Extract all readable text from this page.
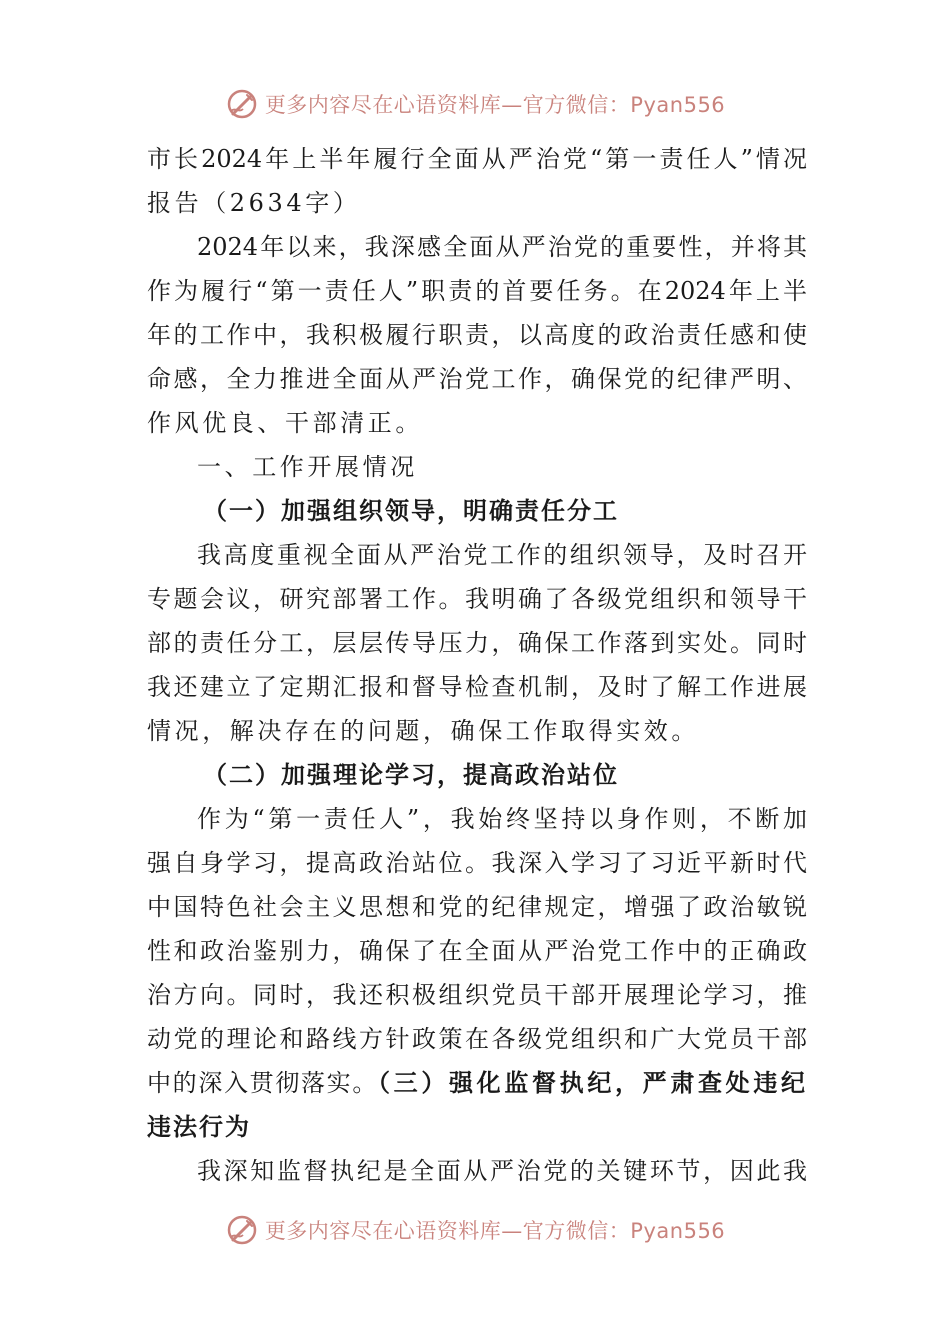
更多内容尽在心语资料库—官方微信：Pyan556
市长2024年上半年履行全面从严治党“第一责任人”情况
报告（2634字）
2024年以来，我深感全面从严治党的重要性，并将其
作为履行“第一责任人”职责的首要任务。在2024年上半
年的工作中，我积极履行职责，以高度的政治责任感和使
命感，全力推进全面从严治党工作，确保党的纪律严明、
作风优良、干部清正。
一、工作开展情况
（一）加强组织领导，明确责任分工
我高度重视全面从严治党工作的组织领导，及时召开
专题会议，研究部署工作。我明确了各级党组织和领导干
部的责任分工，层层传导压力，确保工作落到实处。同时
我还建立了定期汇报和督导检查机制，及时了解工作进展
情况，解决存在的问题，确保工作取得实效。
（二）加强理论学习，提高政治站位
作为“第一责任人”，我始终坚持以身作则，不断加
强自身学习，提高政治站位。我深入学习了习近平新时代
中国特色社会主义思想和党的纪律规定，增强了政治敏锐
性和政治鉴别力，确保了在全面从严治党工作中的正确政
治方向。同时，我还积极组织党员干部开展理论学习，推
动党的理论和路线方针政策在各级党组织和广大党员干部
中的深入贯彻落实。（三）强化监督执纪，严肃查处违纪
违法行为
我深知监督执纪是全面从严治党的关键环节，因此我
更多内容尽在心语资料库—官方微信：Pyan556
